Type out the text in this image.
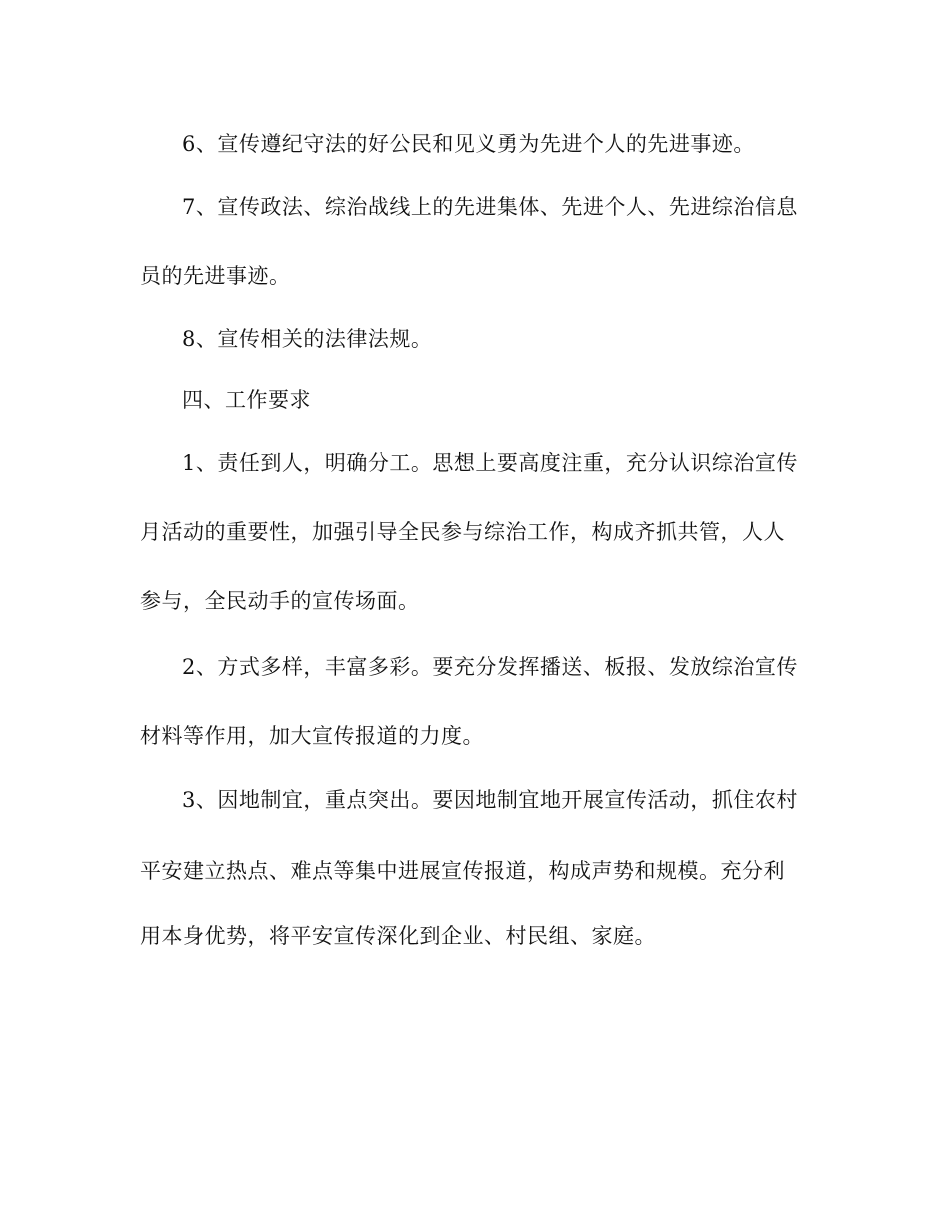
6、宣传遵纪守法的好公民和见义勇为先进个人的先进事迹。
7、宣传政法、综治战线上的先进集体、先进个人、先进综治信息
员的先进事迹。
8、宣传相关的法律法规。
四、工作要求
1、责任到人，明确分工。思想上要高度注重，充分认识综治宣传
月活动的重要性，加强引导全民参与综治工作，构成齐抓共管，人人
参与，全民动手的宣传场面。
2、方式多样，丰富多彩。要充分发挥播送、板报、发放综治宣传
材料等作用，加大宣传报道的力度。
3、因地制宜，重点突出。要因地制宜地开展宣传活动，抓住农村
平安建立热点、难点等集中进展宣传报道，构成声势和规模。充分利
用本身优势，将平安宣传深化到企业、村民组、家庭。
